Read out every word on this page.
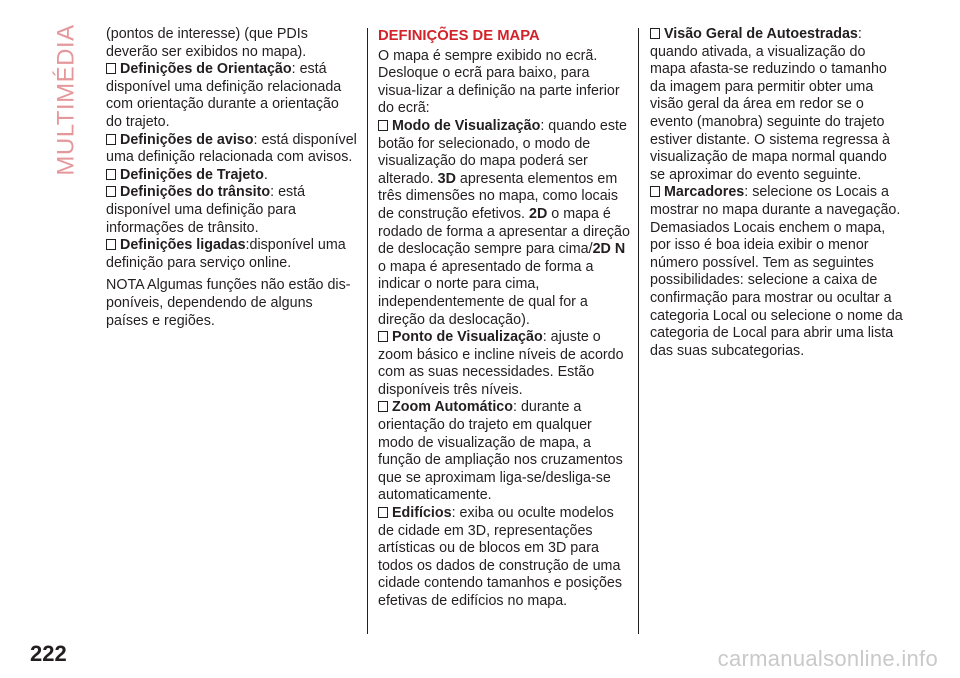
MULTIMÉDIA (pontos de interesse) (que PDIs deverão ser exibidos no mapa).

Definições de Orientação: está disponível uma definição relacionada com orientação durante a orientação do trajeto.

Definições de aviso: está disponível uma definição relacionada com avisos.

Definições de Trajeto.

Definições do trânsito: está disponível uma definição para informações de trânsito.

Definições ligadas:disponível uma definição para serviço online.

NOTA Algumas funções não estão dis-poníveis, dependendo de alguns países e regiões.

DEFINIÇÕES DE MAPA

O mapa é sempre exibido no ecrã. Desloque o ecrã para baixo, para visua-lizar a definição na parte inferior do ecrã:

Modo de Visualização: quando este botão for selecionado, o modo de visualização do mapa poderá ser alterado. 3D apresenta elementos em três dimensões no mapa, como locais de construção efetivos. 2D o mapa é rodado de forma a apresentar a direção de deslocação sempre para cima/2D N o mapa é apresentado de forma a indicar o norte para cima, independentemente de qual for a direção da deslocação).

Ponto de Visualização: ajuste o zoom básico e incline níveis de acordo com as suas necessidades. Estão disponíveis três níveis.

Zoom Automático: durante a orientação do trajeto em qualquer modo de visualização de mapa, a função de ampliação nos cruzamentos que se aproximam liga-se/desliga-se automaticamente.

Edifícios: exiba ou oculte modelos de cidade em 3D, representações artísticas ou de blocos em 3D para todos os dados de construção de uma cidade contendo tamanhos e posições efetivas de edifícios no mapa.

Visão Geral de Autoestradas: quando ativada, a visualização do mapa afasta-se reduzindo o tamanho da imagem para permitir obter uma visão geral da área em redor se o evento (manobra) seguinte do trajeto estiver distante. O sistema regressa à visualização de mapa normal quando se aproximar do evento seguinte.

Marcadores: selecione os Locais a mostrar no mapa durante a navegação. Demasiados Locais enchem o mapa, por isso é boa ideia exibir o menor número possível. Tem as seguintes possibilidades: selecione a caixa de confirmação para mostrar ou ocultar a categoria Local ou selecione o nome da categoria de Local para abrir uma lista das suas subcategorias.

222	carmanualsonline.info
